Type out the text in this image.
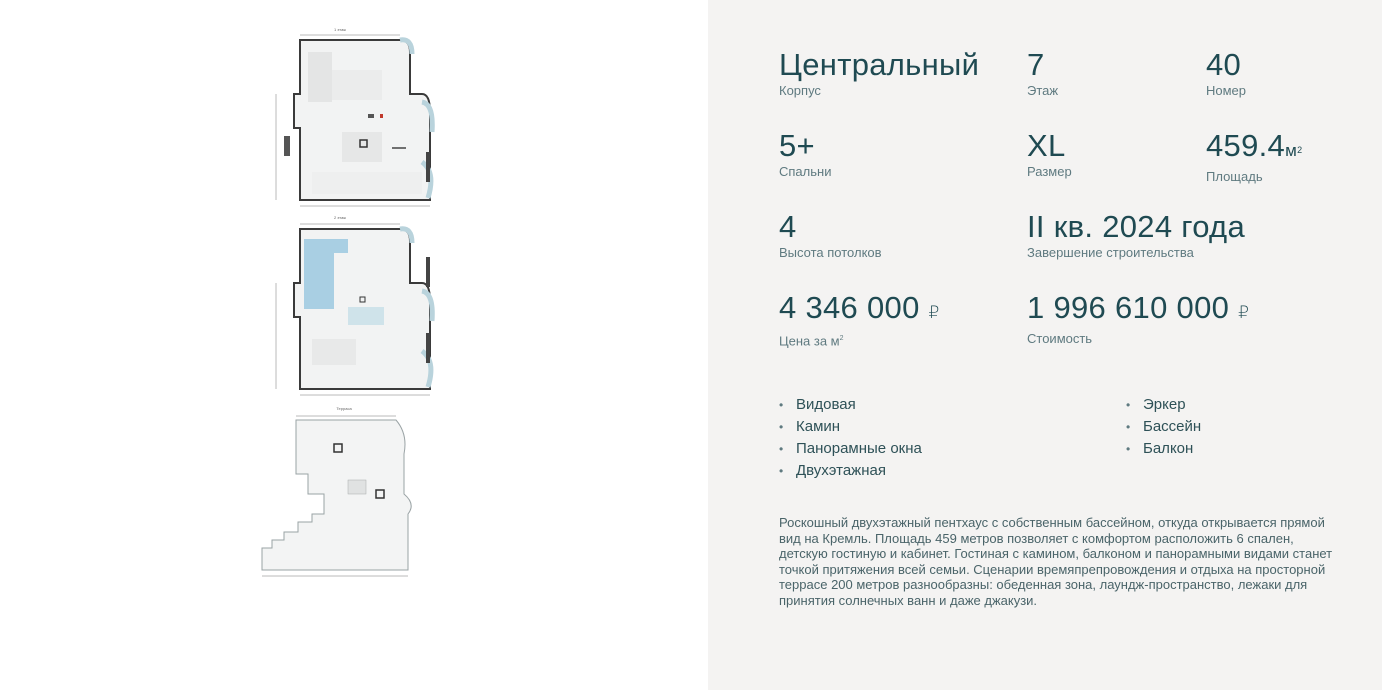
1 этаж
2 этаж
Терраса
Центральный
Корпус
7
Этаж
40
Номер
5+
Спальни
XL
Размер
$459.4м^2$
Площадь
4
Высота потолков
II кв. 2024 года
Завершение строительства
4 346 000 ₽
Цена за $м^2$
1 996 610 000 ₽
Стоимость
• Видовая
• Камин
• Панорамные окна
• Двухэтажная
• Эркер
• Бассейн
• Балкон

Роскошный двухэтажный пентхаус с собственным бассейном, откуда открывается прямой вид на Кремль. Площадь 459 метров позволяет с комфортом расположить 6 спален, детскую гостиную и кабинет. Гостиная с камином, балконом и панорамными видами станет точкой притяжения всей семьи. Сценарии времяпрепровождения и отдыха на просторной террасе 200 метров разнообразны: обеденная зона, лаундж-пространство, лежаки для принятия солнечных ванн и даже джакузи.
